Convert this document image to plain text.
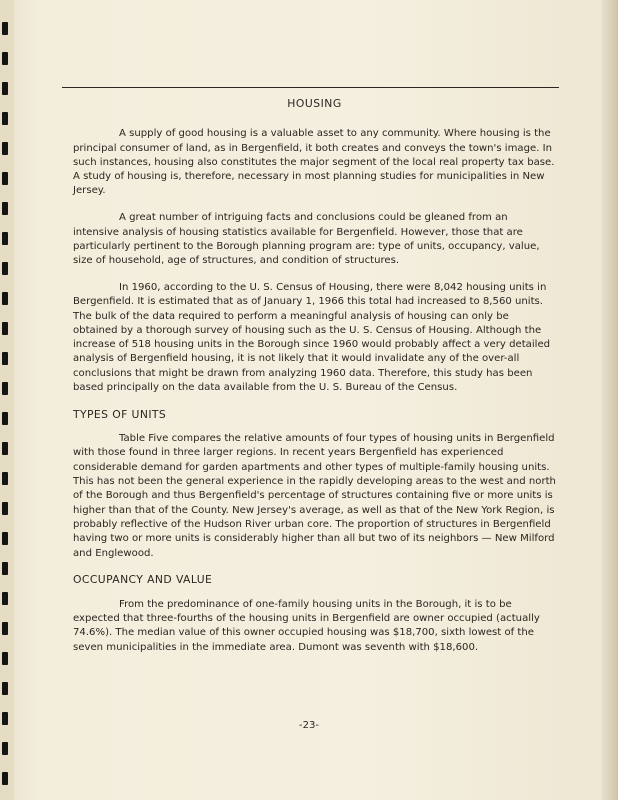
HOUSING

A supply of good housing is a valuable asset to any community. Where housing is the principal consumer of land, as in Bergenfield, it both creates and conveys the town's image. In such instances, housing also constitutes the major segment of the local real property tax base. A study of housing is, therefore, necessary in most planning studies for municipalities in New Jersey.

A great number of intriguing facts and conclusions could be gleaned from an intensive analysis of housing statistics available for Bergenfield. However, those that are particularly pertinent to the Borough planning program are: type of units, occupancy, value, size of household, age of structures, and condition of structures.

In 1960, according to the U. S. Census of Housing, there were 8,042 housing units in Bergenfield. It is estimated that as of January 1, 1966 this total had increased to 8,560 units. The bulk of the data required to perform a meaningful analysis of housing can only be obtained by a thorough survey of housing such as the U. S. Census of Housing. Although the increase of 518 housing units in the Borough since 1960 would probably affect a very detailed analysis of Bergenfield housing, it is not likely that it would invalidate any of the over-all conclusions that might be drawn from analyzing 1960 data. Therefore, this study has been based principally on the data available from the U. S. Bureau of the Census.

TYPES OF UNITS

Table Five compares the relative amounts of four types of housing units in Bergenfield with those found in three larger regions. In recent years Bergenfield has experienced considerable demand for garden apartments and other types of multiple-family housing units. This has not been the general experience in the rapidly developing areas to the west and north of the Borough and thus Bergenfield's percentage of structures containing five or more units is higher than that of the County. New Jersey's average, as well as that of the New York Region, is probably reflective of the Hudson River urban core. The proportion of structures in Bergenfield having two or more units is considerably higher than all but two of its neighbors — New Milford and Englewood.

OCCUPANCY AND VALUE

From the predominance of one-family housing units in the Borough, it is to be expected that three-fourths of the housing units in Bergenfield are owner occupied (actually 74.6%). The median value of this owner occupied housing was $18,700, sixth lowest of the seven municipalities in the immediate area. Dumont was seventh with $18,600.

-23-
